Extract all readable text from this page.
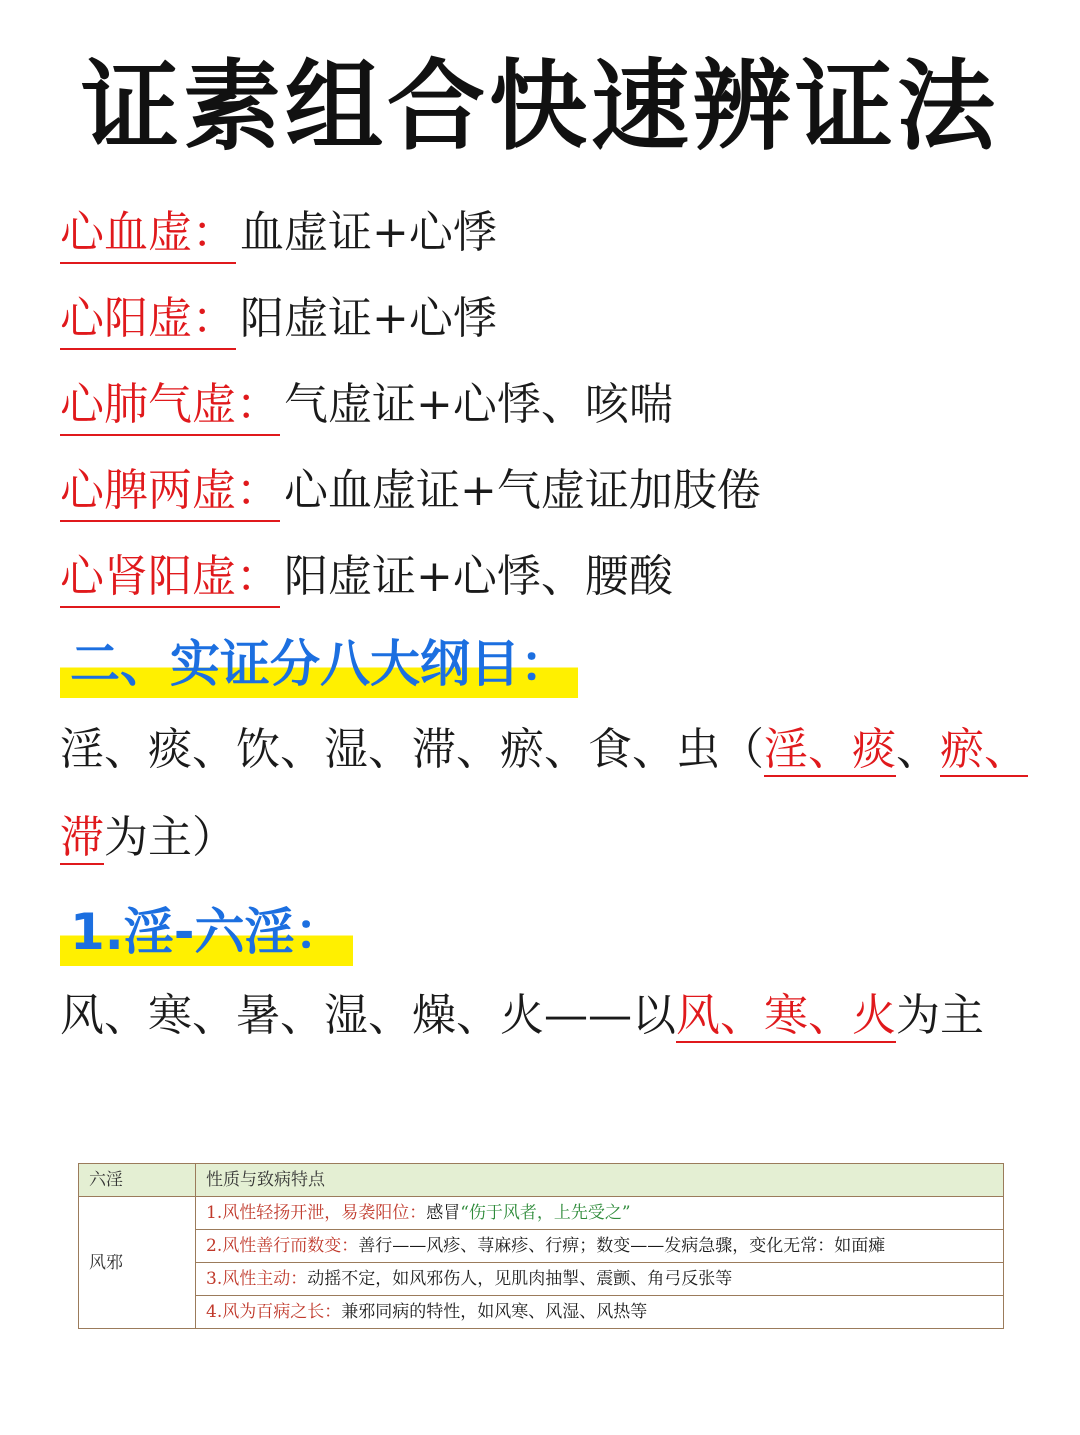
证素组合快速辨证法
心血虚：血虚证+心悸
心阳虚：阳虚证+心悸
心肺气虚：气虚证+心悸、咳喘
心脾两虚：心血虚证+气虚证加肢倦
心肾阳虚：阳虚证+心悸、腰酸
二、实证分八大纲目：
淫、痰、饮、湿、滞、瘀、食、虫（淫、痰、瘀、滞为主）
1.淫-六淫：
风、寒、暑、湿、燥、火——以风、寒、火为主
六淫	性质与致病特点
风邪	1.风性轻扬开泄，易袭阳位：感冒“伤于风者，上先受之”
	2.风性善行而数变：善行——风疹、荨麻疹、行痹；数变——发病急骤，变化无常：如面瘫
	3.风性主动：动摇不定，如风邪伤人，见肌肉抽掣、震颤、角弓反张等
	4.风为百病之长：兼邪同病的特性，如风寒、风湿、风热等
